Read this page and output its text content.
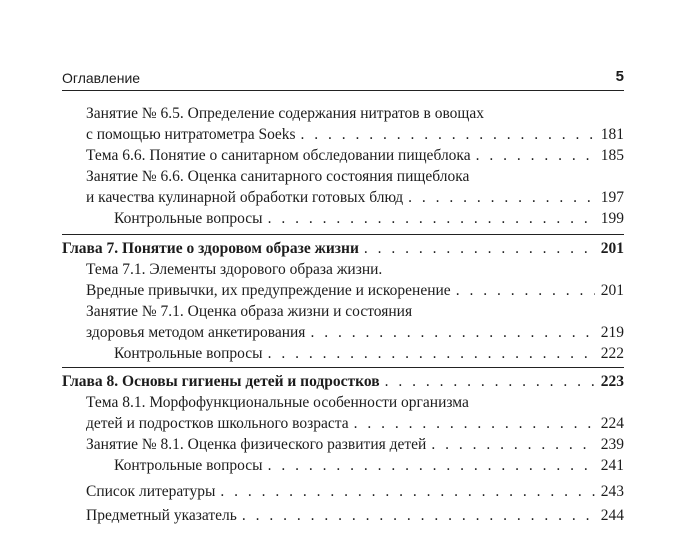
Оглавление	5
Занятие № 6.5. Определение содержания нитратов в овощах
с помощью нитратометра Soeks . . .	181
Тема 6.6. Понятие о санитарном обследовании пищеблока . . .	185
Занятие № 6.6. Оценка санитарного состояния пищеблока
и качества кулинарной обработки готовых блюд . . .	197
Контрольные вопросы . . .	199
Глава 7. Понятие о здоровом образе жизни . . .	201
Тема 7.1. Элементы здорового образа жизни.
Вредные привычки, их предупреждение и искоренение . . .	201
Занятие № 7.1. Оценка образа жизни и состояния
здоровья методом анкетирования . . .	219
Контрольные вопросы . . .	222
Глава 8. Основы гигиены детей и подростков . . .	223
Тема 8.1. Морфофункциональные особенности организма
детей и подростков школьного возраста . . .	224
Занятие № 8.1. Оценка физического развития детей . . .	239
Контрольные вопросы . . .	241
Список литературы . . .	243
Предметный указатель . . .	244
